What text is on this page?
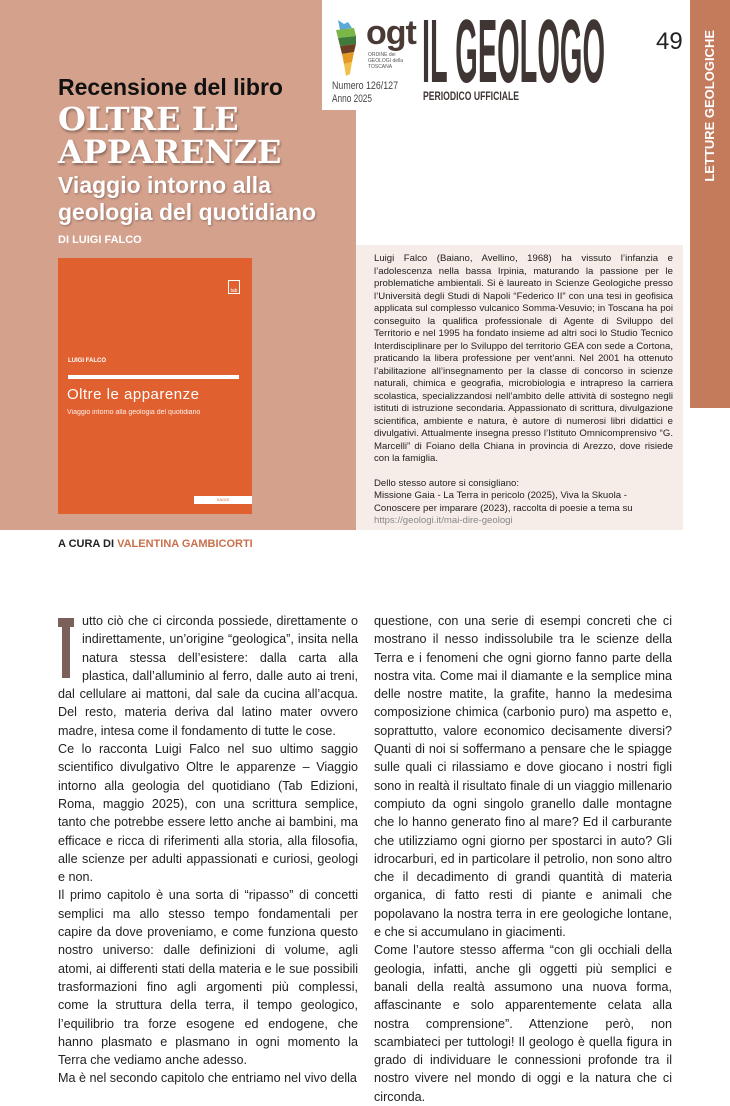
ogt
ORDINE dei GEOLOGI della TOSCANA
Numero 126/127
Anno 2025 IL GEOLOGO
PERIODICO UFFICIALE
49 LETTURE GEOLOGICHE
Recensione del libro
OLTRE LE
APPARENZE
Viaggio intorno alla
geologia del quotidiano
DI LUIGI FALCO
tab
LUIGI FALCO
Oltre le apparenze
Viaggio intorno alla geologia del quotidiano
SAGGI

Luigi Falco (Baiano, Avellino, 1968) ha vissuto l’infanzia e l’adolescenza nella bassa Irpinia, maturando la passione per le problematiche ambientali. Si è laureato in Scienze Geologiche presso l’Università degli Studi di Napoli “Federico II” con una tesi in geofisica applicata sul complesso vulcanico Somma-Vesuvio; in Toscana ha poi conseguito la qualifica professionale di Agente di Sviluppo del Territorio e nel 1995 ha fondato insieme ad altri soci lo Studio Tecnico Interdisciplinare per lo Sviluppo del territorio GEA con sede a Cortona, praticando la libera professione per vent’anni. Nel 2001 ha ottenuto l’abilitazione all’insegnamento per la classe di concorso in scienze naturali, chimica e geografia, microbiologia e intrapreso la carriera scolastica, specializzandosi nell’ambito delle attività di sostegno negli istituti di istruzione secondaria. Appassionato di scrittura, divulgazione scientifica, ambiente e natura, è autore di numerosi libri didattici e divulgativi. Attualmente insegna presso l’Istituto Omnicomprensivo “G. Marcelli” di Foiano della Chiana in provincia di Arezzo, dove risiede con la famiglia.

Dello stesso autore si consigliano:

Missione Gaia - La Terra in pericolo (2025), Viva la Skuola - Conoscere per imparare (2023), raccolta di poesie a tema su

https://geologi.it/mai-dire-geologi

A CURA DI VALENTINA GAMBICORTI

utto ciò che ci circonda possiede, direttamente o indirettamente, un’origine “geologica”, insita nella natura stessa dell’esistere: dalla carta alla plastica, dall’alluminio al ferro, dalle auto ai treni, dal cellulare ai mattoni, dal sale da cucina all’acqua. Del resto, materia deriva dal latino mater ovvero madre, intesa come il fondamento di tutte le cose.

Ce lo racconta Luigi Falco nel suo ultimo saggio scientifico divulgativo Oltre le apparenze – Viaggio intorno alla geologia del quotidiano (Tab Edizioni, Roma, maggio 2025), con una scrittura semplice, tanto che potrebbe essere letto anche ai bambini, ma efficace e ricca di riferimenti alla storia, alla filosofia, alle scienze per adulti appassionati e curiosi, geologi e non.

Il primo capitolo è una sorta di “ripasso” di concetti semplici ma allo stesso tempo fondamentali per capire da dove proveniamo, e come funziona questo nostro universo: dalle definizioni di volume, agli atomi, ai differenti stati della materia e le sue possibili trasformazioni fino agli argomenti più complessi, come la struttura della terra, il tempo geologico, l’equilibrio tra forze esogene ed endogene, che hanno plasmato e plasmano in ogni momento la Terra che vediamo anche adesso.

Ma è nel secondo capitolo che entriamo nel vivo della

questione, con una serie di esempi concreti che ci mostrano il nesso indissolubile tra le scienze della Terra e i fenomeni che ogni giorno fanno parte della nostra vita. Come mai il diamante e la semplice mina delle nostre matite, la grafite, hanno la medesima composizione chimica (carbonio puro) ma aspetto e, soprattutto, valore economico decisamente diversi? Quanti di noi si soffermano a pensare che le spiagge sulle quali ci rilassiamo e dove giocano i nostri figli sono in realtà il risultato finale di un viaggio millenario compiuto da ogni singolo granello dalle montagne che lo hanno generato fino al mare? Ed il carburante che utilizziamo ogni giorno per spostarci in auto? Gli idrocarburi, ed in particolare il petrolio, non sono altro che il decadimento di grandi quantità di materia organica, di fatto resti di piante e animali che popolavano la nostra terra in ere geologiche lontane, e che si accumulano in giacimenti.

Come l’autore stesso afferma “con gli occhiali della geologia, infatti, anche gli oggetti più semplici e banali della realtà assumono una nuova forma, affascinante e solo apparentemente celata alla nostra comprensione”. Attenzione però, non scambiateci per tuttologi! Il geologo è quella figura in grado di individuare le connessioni profonde tra il nostro vivere nel mondo di oggi e la natura che ci circonda.
